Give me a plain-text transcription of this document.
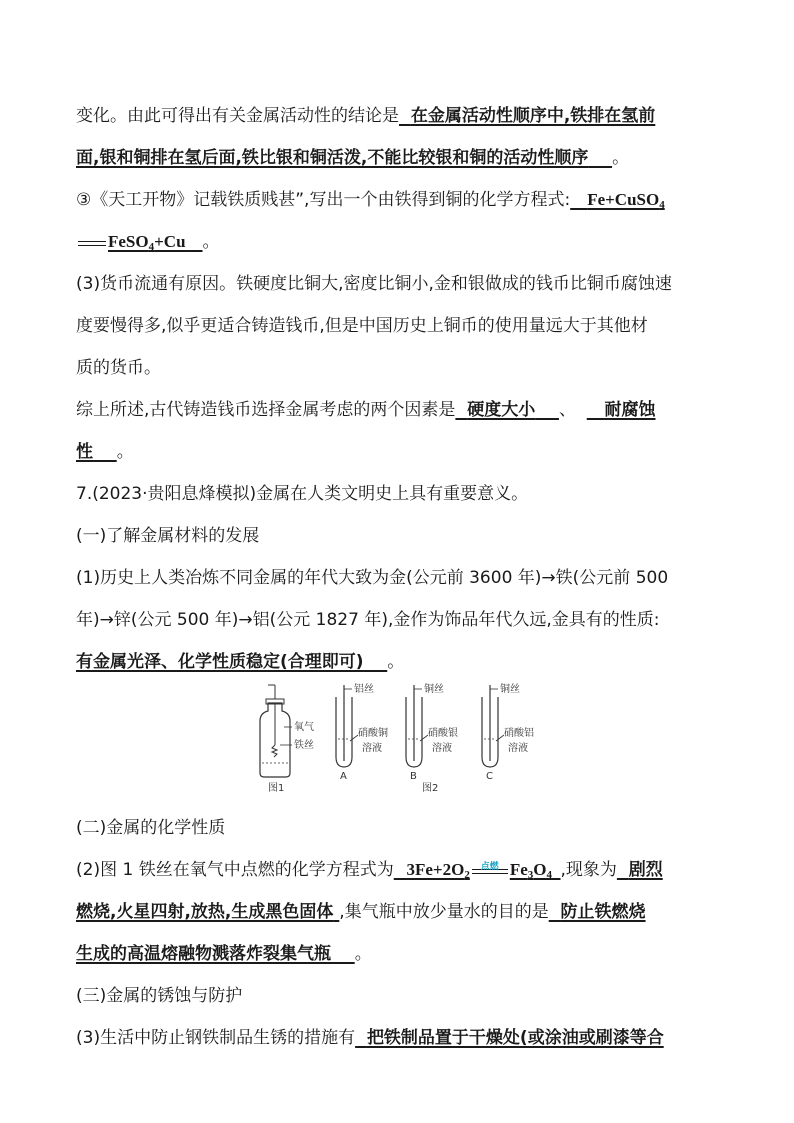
变化。由此可得出有关金属活动性的结论是 在金属活动性顺序中,铁排在氢前
面,银和铜排在氢后面,铁比银和铜活泼,不能比较银和铜的活动性顺序 。
③《天工开物》记载铁质贱甚”,写出一个由铁得到铜的化学方程式: Fe+CuSO$_4$
FeSO$_4$+Cu 。
(3)货币流通有原因。铁硬度比铜大,密度比铜小,金和银做成的钱币比铜币腐蚀速
度要慢得多,似乎更适合铸造钱币,但是中国历史上铜币的使用量远大于其他材
质的货币。
综上所述,古代铸造钱币选择金属考虑的两个因素是 硬度大小 、 耐腐蚀
性 。
7.(2023·贵阳息烽模拟)金属在人类文明史上具有重要意义。
(一)了解金属材料的发展
(1)历史上人类冶炼不同金属的年代大致为金(公元前 3600 年)→铁(公元前 500
年)→锌(公元 500 年)→铝(公元 1827 年),金作为饰品年代久远,金具有的性质:
有金属光泽、化学性质稳定(合理即可) 。
氧气
铁丝
图1
铝丝
硝酸铜
溶液
A
铜丝
硝酸银
溶液
B
铜丝
硝酸铝
溶液
C
图2
(二)金属的化学性质
(2)图 1 铁丝在氧气中点燃的化学方程式为 $3Fe+2O_2$
点燃 $Fe_3O_4$ ,现象为 剧烈
燃烧,火星四射,放热,生成黑色固体 ,集气瓶中放少量水的目的是 防止铁燃烧
生成的高温熔融物溅落炸裂集气瓶 。
(三)金属的锈蚀与防护
(3)生活中防止钢铁制品生锈的措施有 把铁制品置于干燥处(或涂油或刷漆等合
